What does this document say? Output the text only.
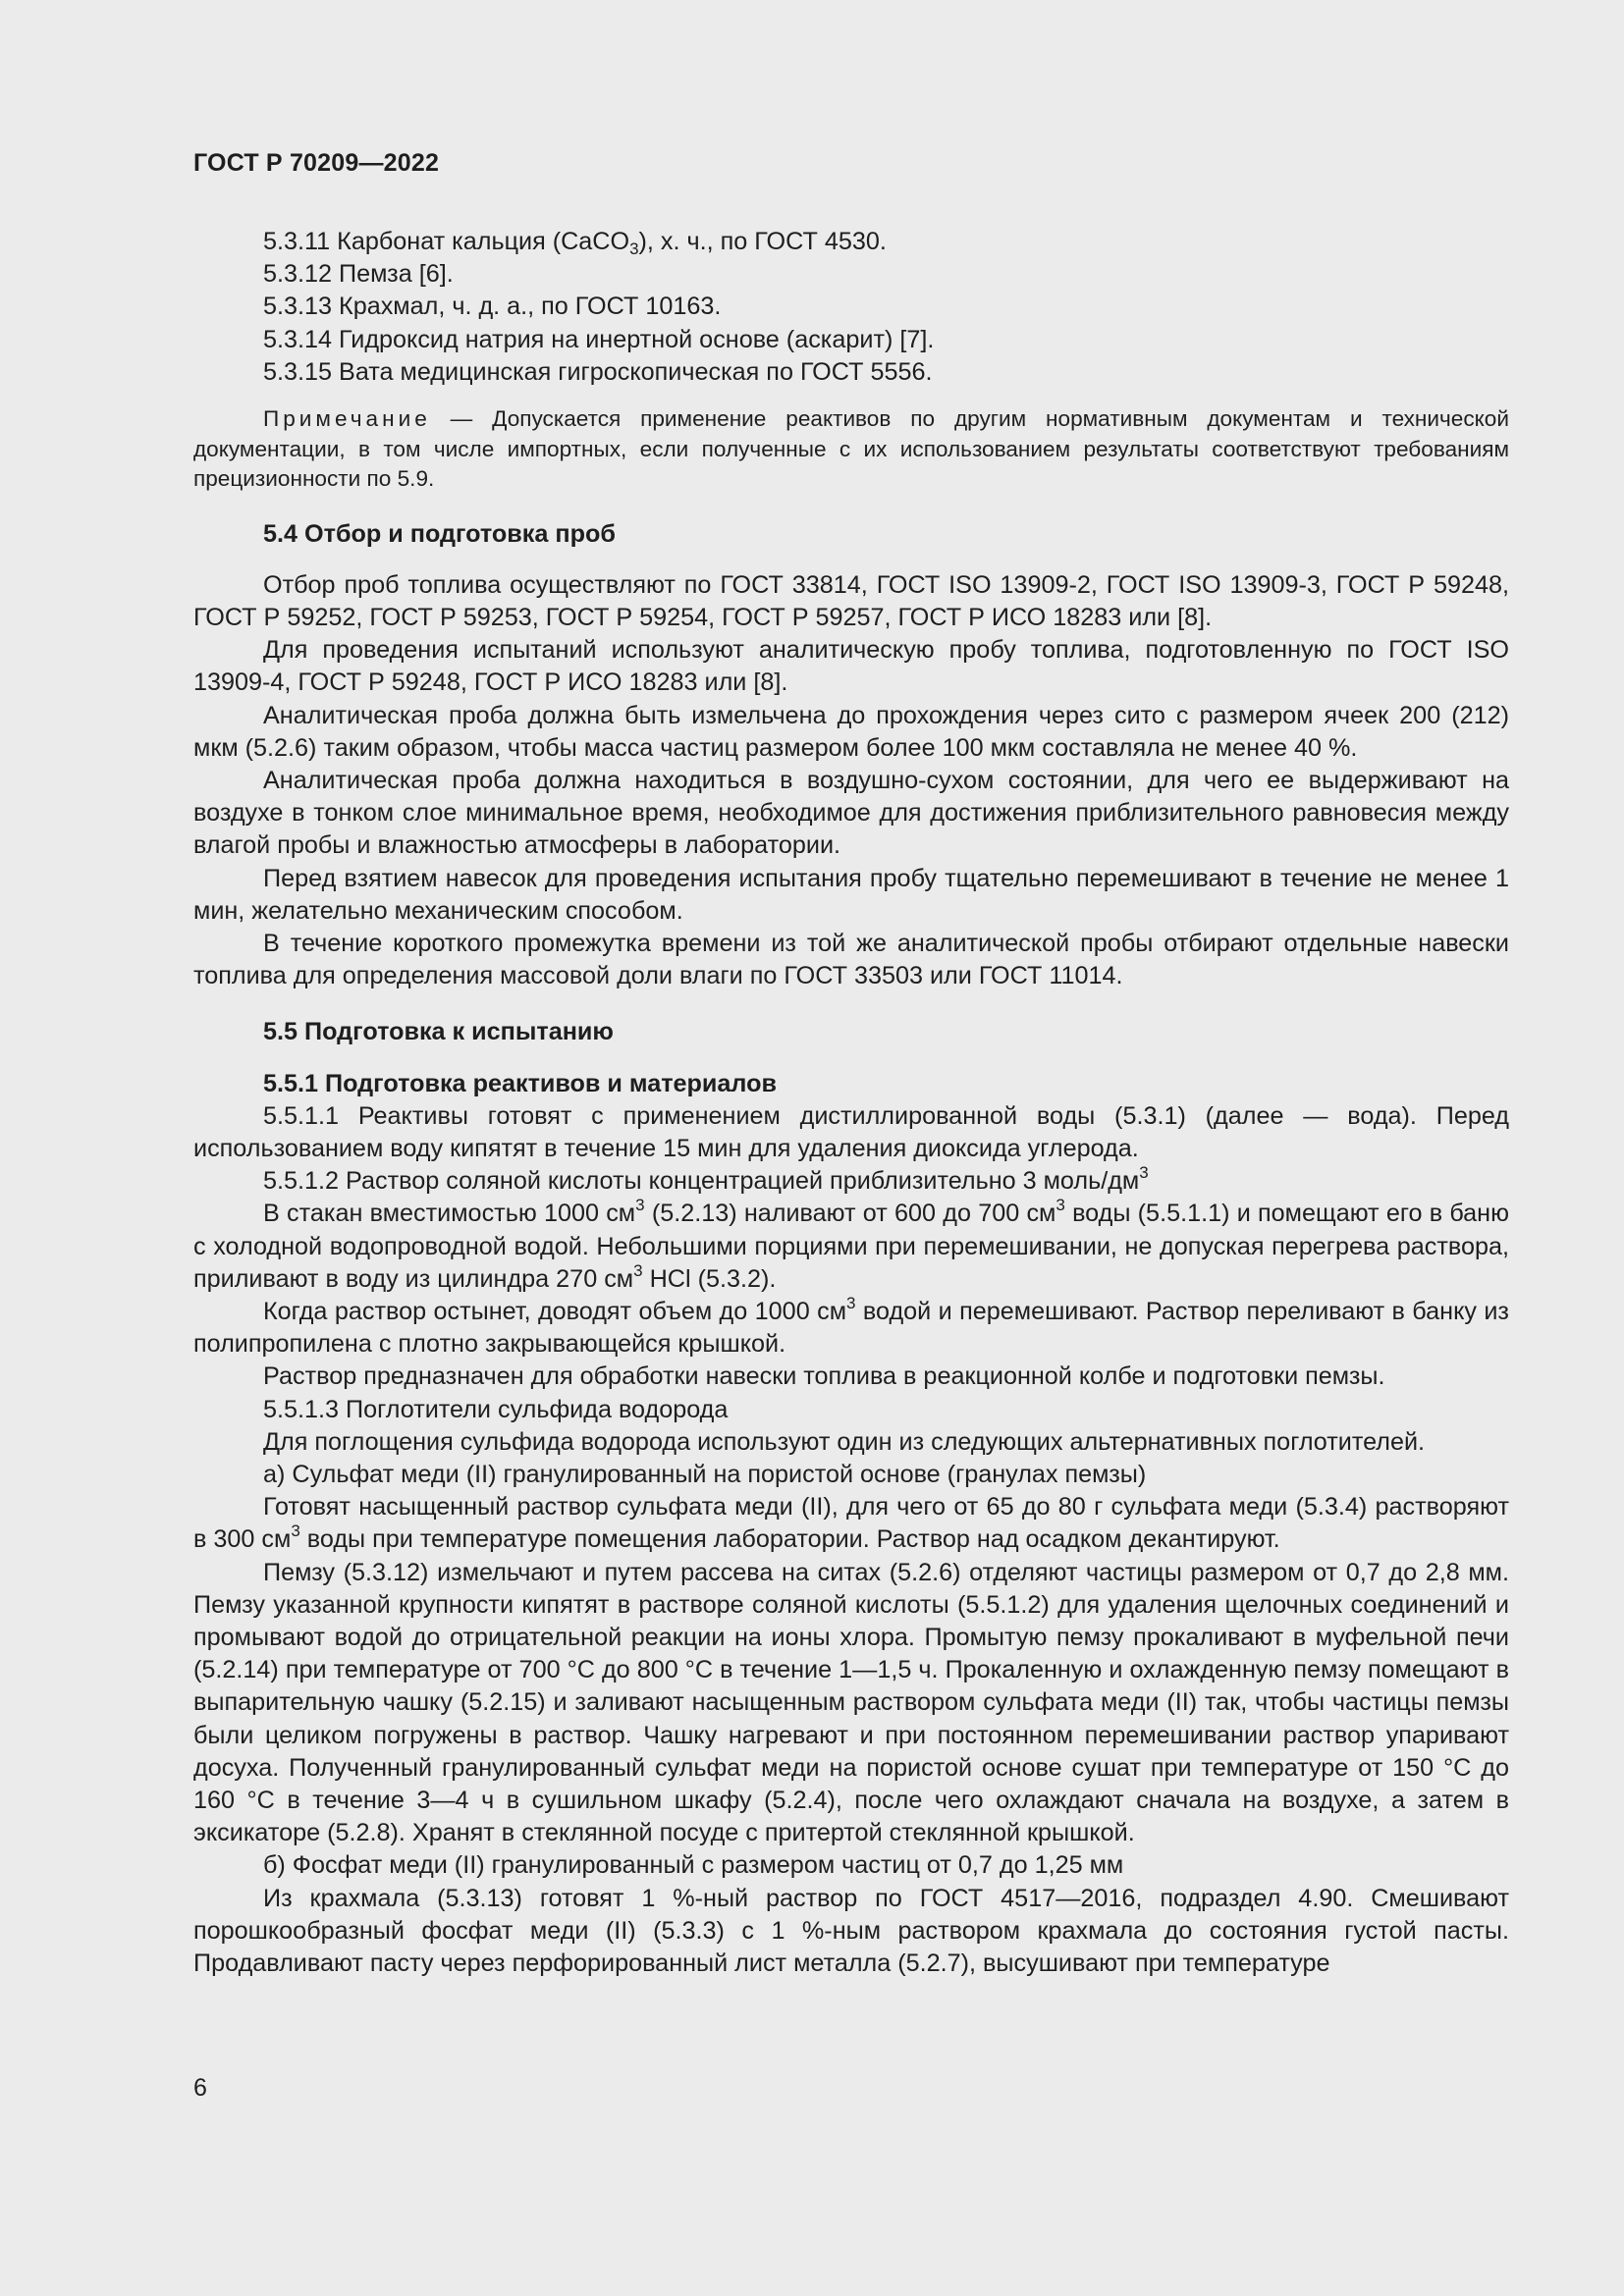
ГОСТ Р 70209—2022

5.3.11 Карбонат кальция (CaCO$_3$), х. ч., по ГОСТ 4530.

5.3.12 Пемза [6].

5.3.13 Крахмал, ч. д. а., по ГОСТ 10163.

5.3.14 Гидроксид натрия на инертной основе (аскарит) [7].

5.3.15 Вата медицинская гигроскопическая по ГОСТ 5556.

Примечание — Допускается применение реактивов по другим нормативным документам и технической документации, в том числе импортных, если полученные с их использованием результаты соответствуют требованиям прецизионности по 5.9.

5.4 Отбор и подготовка проб

Отбор проб топлива осуществляют по ГОСТ 33814, ГОСТ ISO 13909-2, ГОСТ ISO 13909-3, ГОСТ Р 59248, ГОСТ Р 59252, ГОСТ Р 59253, ГОСТ Р 59254, ГОСТ Р 59257, ГОСТ Р ИСО 18283 или [8].

Для проведения испытаний используют аналитическую пробу топлива, подготовленную по ГОСТ ISO 13909-4, ГОСТ Р 59248, ГОСТ Р ИСО 18283 или [8].

Аналитическая проба должна быть измельчена до прохождения через сито с размером ячеек 200 (212) мкм (5.2.6) таким образом, чтобы масса частиц размером более 100 мкм составляла не менее 40 %.

Аналитическая проба должна находиться в воздушно-сухом состоянии, для чего ее выдерживают на воздухе в тонком слое минимальное время, необходимое для достижения приблизительного равновесия между влагой пробы и влажностью атмосферы в лаборатории.

Перед взятием навесок для проведения испытания пробу тщательно перемешивают в течение не менее 1 мин, желательно механическим способом.

В течение короткого промежутка времени из той же аналитической пробы отбирают отдельные навески топлива для определения массовой доли влаги по ГОСТ 33503 или ГОСТ 11014.

5.5 Подготовка к испытанию

5.5.1 Подготовка реактивов и материалов

5.5.1.1 Реактивы готовят с применением дистиллированной воды (5.3.1) (далее — вода). Перед использованием воду кипятят в течение 15 мин для удаления диоксида углерода.

5.5.1.2 Раствор соляной кислоты концентрацией приблизительно 3 моль/$дм^3$

В стакан вместимостью 1000 $см^3$ (5.2.13) наливают от 600 до 700 $см^3$ воды (5.5.1.1) и помещают его в баню с холодной водопроводной водой. Небольшими порциями при перемешивании, не допуская перегрева раствора, приливают в воду из цилиндра 270 $см^3$ HCl (5.3.2).

Когда раствор остынет, доводят объем до 1000 $см^3$ водой и перемешивают. Раствор переливают в банку из полипропилена с плотно закрывающейся крышкой.

Раствор предназначен для обработки навески топлива в реакционной колбе и подготовки пемзы.

5.5.1.3 Поглотители сульфида водорода

Для поглощения сульфида водорода используют один из следующих альтернативных поглотителей.

а) Сульфат меди (II) гранулированный на пористой основе (гранулах пемзы)

Готовят насыщенный раствор сульфата меди (II), для чего от 65 до 80 г сульфата меди (5.3.4) растворяют в 300 $см^3$ воды при температуре помещения лаборатории. Раствор над осадком декантируют.

Пемзу (5.3.12) измельчают и путем рассева на ситах (5.2.6) отделяют частицы размером от 0,7 до 2,8 мм. Пемзу указанной крупности кипятят в растворе соляной кислоты (5.5.1.2) для удаления щелочных соединений и промывают водой до отрицательной реакции на ионы хлора. Промытую пемзу прокаливают в муфельной печи (5.2.14) при температуре от 700 °С до 800 °С в течение 1—1,5 ч. Прокаленную и охлажденную пемзу помещают в выпарительную чашку (5.2.15) и заливают насыщенным раствором сульфата меди (II) так, чтобы частицы пемзы были целиком погружены в раствор. Чашку нагревают и при постоянном перемешивании раствор упаривают досуха. Полученный гранулированный сульфат меди на пористой основе сушат при температуре от 150 °С до 160 °С в течение 3—4 ч в сушильном шкафу (5.2.4), после чего охлаждают сначала на воздухе, а затем в эксикаторе (5.2.8). Хранят в стеклянной посуде с притертой стеклянной крышкой.

б) Фосфат меди (II) гранулированный с размером частиц от 0,7 до 1,25 мм

Из крахмала (5.3.13) готовят 1 %-ный раствор по ГОСТ 4517—2016, подраздел 4.90. Смешивают порошкообразный фосфат меди (II) (5.3.3) с 1 %-ным раствором крахмала до состояния густой пасты. Продавливают пасту через перфорированный лист металла (5.2.7), высушивают при температуре

6
